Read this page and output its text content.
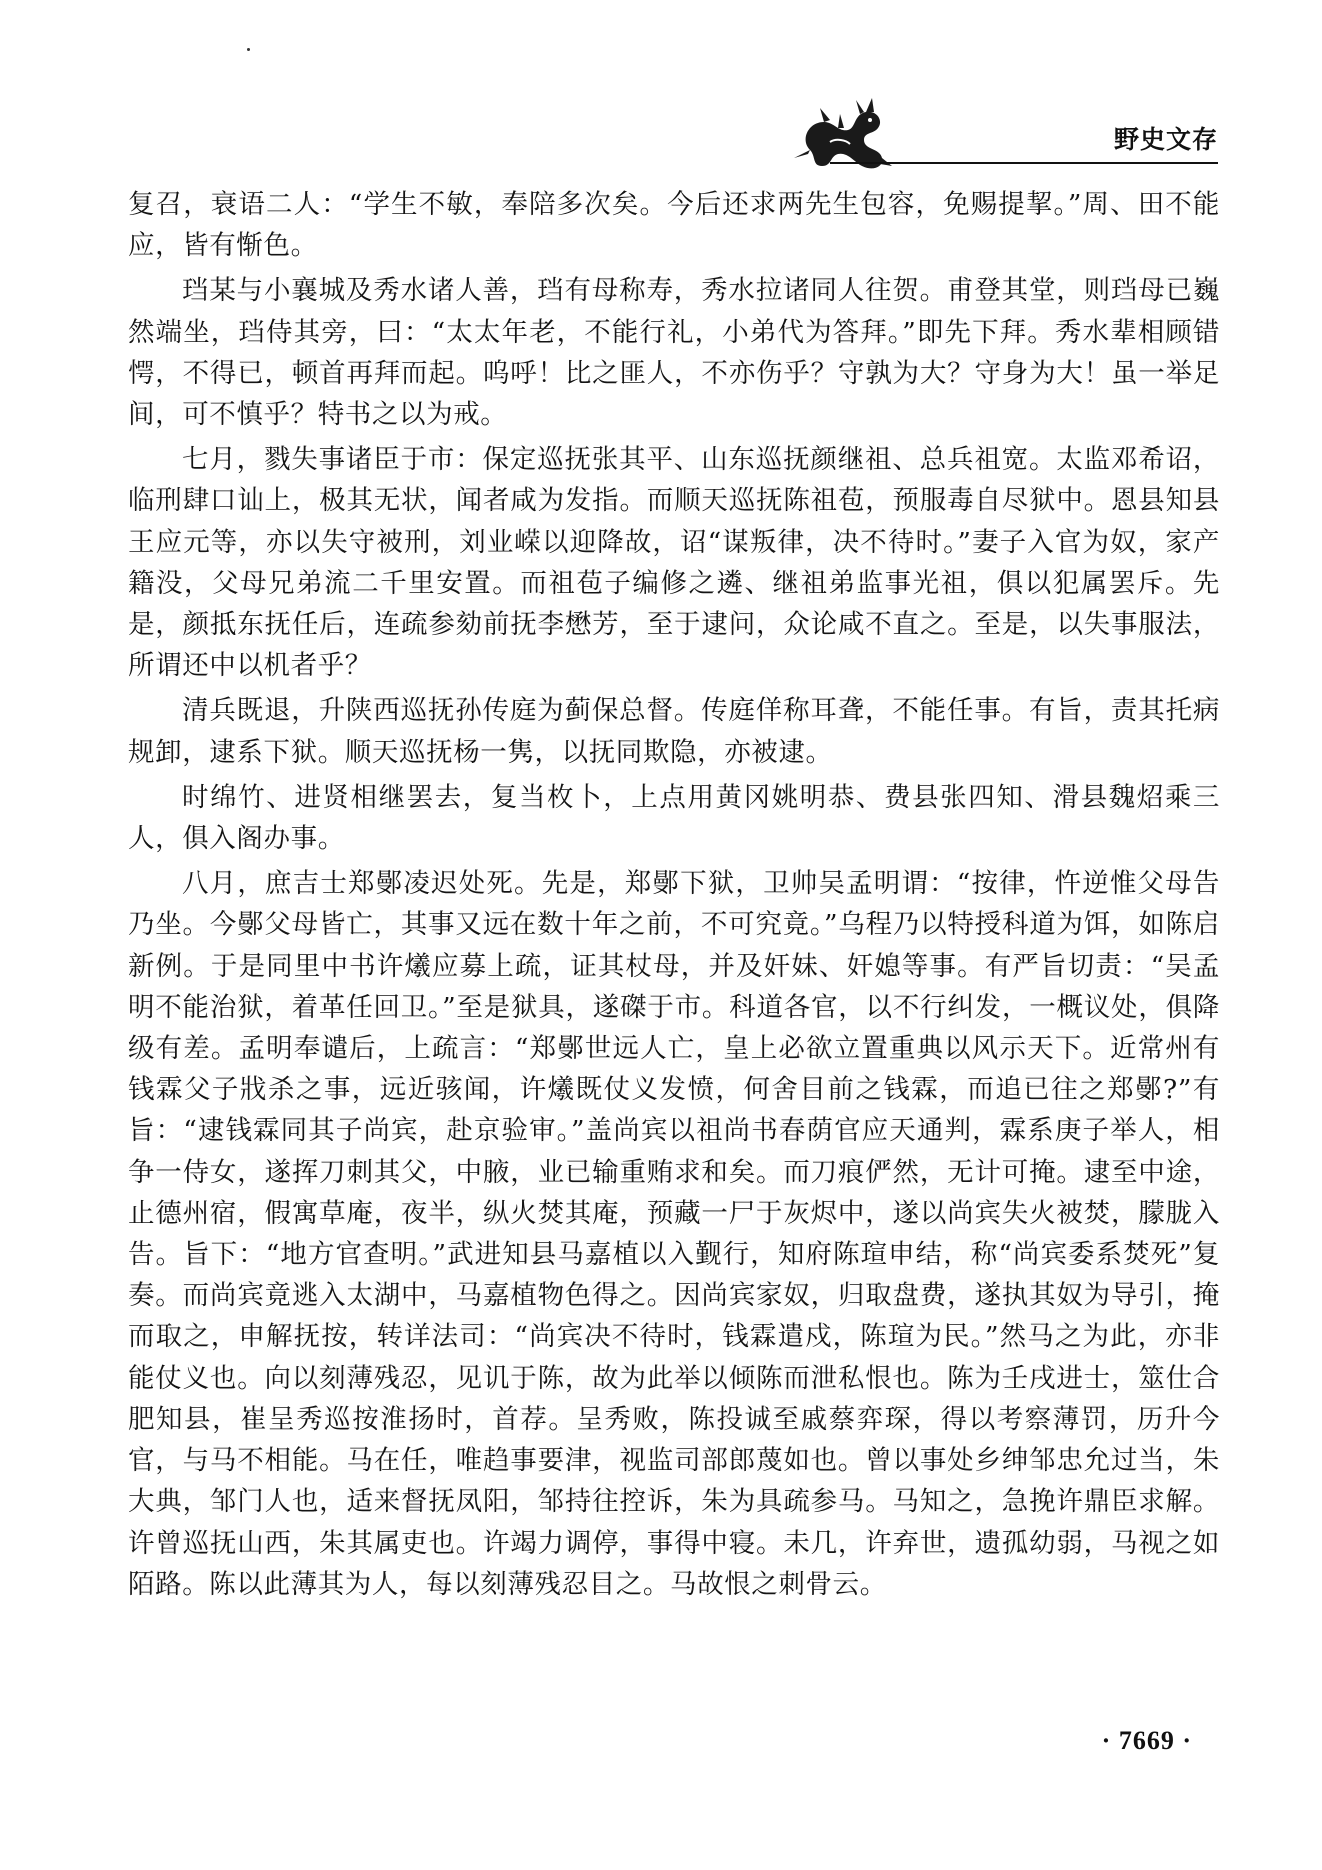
野史文存

复召，衰语二人：“学生不敏，奉陪多次矣。今后还求两先生包容，免赐提挈。”周、田不能应，皆有惭色。

珰某与小襄城及秀水诸人善，珰有母称寿，秀水拉诸同人往贺。甫登其堂，则珰母已巍然端坐，珰侍其旁，曰：“太太年老，不能行礼，小弟代为答拜。”即先下拜。秀水辈相顾错愕，不得已，顿首再拜而起。呜呼！比之匪人，不亦伤乎？守孰为大？守身为大！虽一举足间，可不慎乎？特书之以为戒。

七月，戮失事诸臣于市：保定巡抚张其平、山东巡抚颜继祖、总兵祖宽。太监邓希诏，临刑肆口讪上，极其无状，闻者咸为发指。而顺天巡抚陈祖苞，预服毒自尽狱中。恩县知县王应元等，亦以失守被刑，刘业嵘以迎降故，诏“谋叛律，决不待时。”妻子入官为奴，家产籍没，父母兄弟流二千里安置。而祖苞子编修之遴、继祖弟监事光祖，俱以犯属罢斥。先是，颜抵东抚任后，连疏参劾前抚李懋芳，至于逮问，众论咸不直之。至是，以失事服法，所谓还中以机者乎？

清兵既退，升陕西巡抚孙传庭为蓟保总督。传庭佯称耳聋，不能任事。有旨，责其托病规卸，逮系下狱。顺天巡抚杨一隽，以抚同欺隐，亦被逮。

时绵竹、进贤相继罢去，复当枚卜，上点用黄冈姚明恭、费县张四知、滑县魏炤乘三人，俱入阁办事。

八月，庶吉士郑鄤凌迟处死。先是，郑鄤下狱，卫帅吴孟明谓：“按律，忤逆惟父母告乃坐。今鄤父母皆亡，其事又远在数十年之前，不可究竟。”乌程乃以特授科道为饵，如陈启新例。于是同里中书许爔应募上疏，证其杖母，并及奸妹、奸媳等事。有严旨切责：“吴孟明不能治狱，着革任回卫。”至是狱具，遂磔于市。科道各官，以不行纠发，一概议处，俱降级有差。孟明奉谴后，上疏言：“郑鄤世远人亡，皇上必欲立置重典以风示天下。近常州有钱霖父子戕杀之事，远近骇闻，许爔既仗义发愤，何舍目前之钱霖，而追已往之郑鄤?”有旨：“逮钱霖同其子尚宾，赴京验审。”盖尚宾以祖尚书春荫官应天通判，霖系庚子举人，相争一侍女，遂挥刀刺其父，中腋，业已输重贿求和矣。而刀痕俨然，无计可掩。逮至中途，止德州宿，假寓草庵，夜半，纵火焚其庵，预藏一尸于灰烬中，遂以尚宾失火被焚，朦胧入告。旨下：“地方官查明。”武进知县马嘉植以入觐行，知府陈瑄申结，称“尚宾委系焚死”复奏。而尚宾竟逃入太湖中，马嘉植物色得之。因尚宾家奴，归取盘费，遂执其奴为导引，掩而取之，申解抚按，转详法司：“尚宾决不待时，钱霖遣戍，陈瑄为民。”然马之为此，亦非能仗义也。向以刻薄残忍，见讥于陈，故为此举以倾陈而泄私恨也。陈为壬戌进士，筮仕合肥知县，崔呈秀巡按淮扬时，首荐。呈秀败，陈投诚至戚蔡弈琛，得以考察薄罚，历升今官，与马不相能。马在任，唯趋事要津，视监司部郎蔑如也。曾以事处乡绅邹忠允过当，朱大典，邹门人也，适来督抚凤阳，邹持往控诉，朱为具疏参马。马知之，急挽许鼎臣求解。许曾巡抚山西，朱其属吏也。许竭力调停，事得中寝。未几，许弃世，遗孤幼弱，马视之如陌路。陈以此薄其为人，每以刻薄残忍目之。马故恨之刺骨云。

· 7669 ·
